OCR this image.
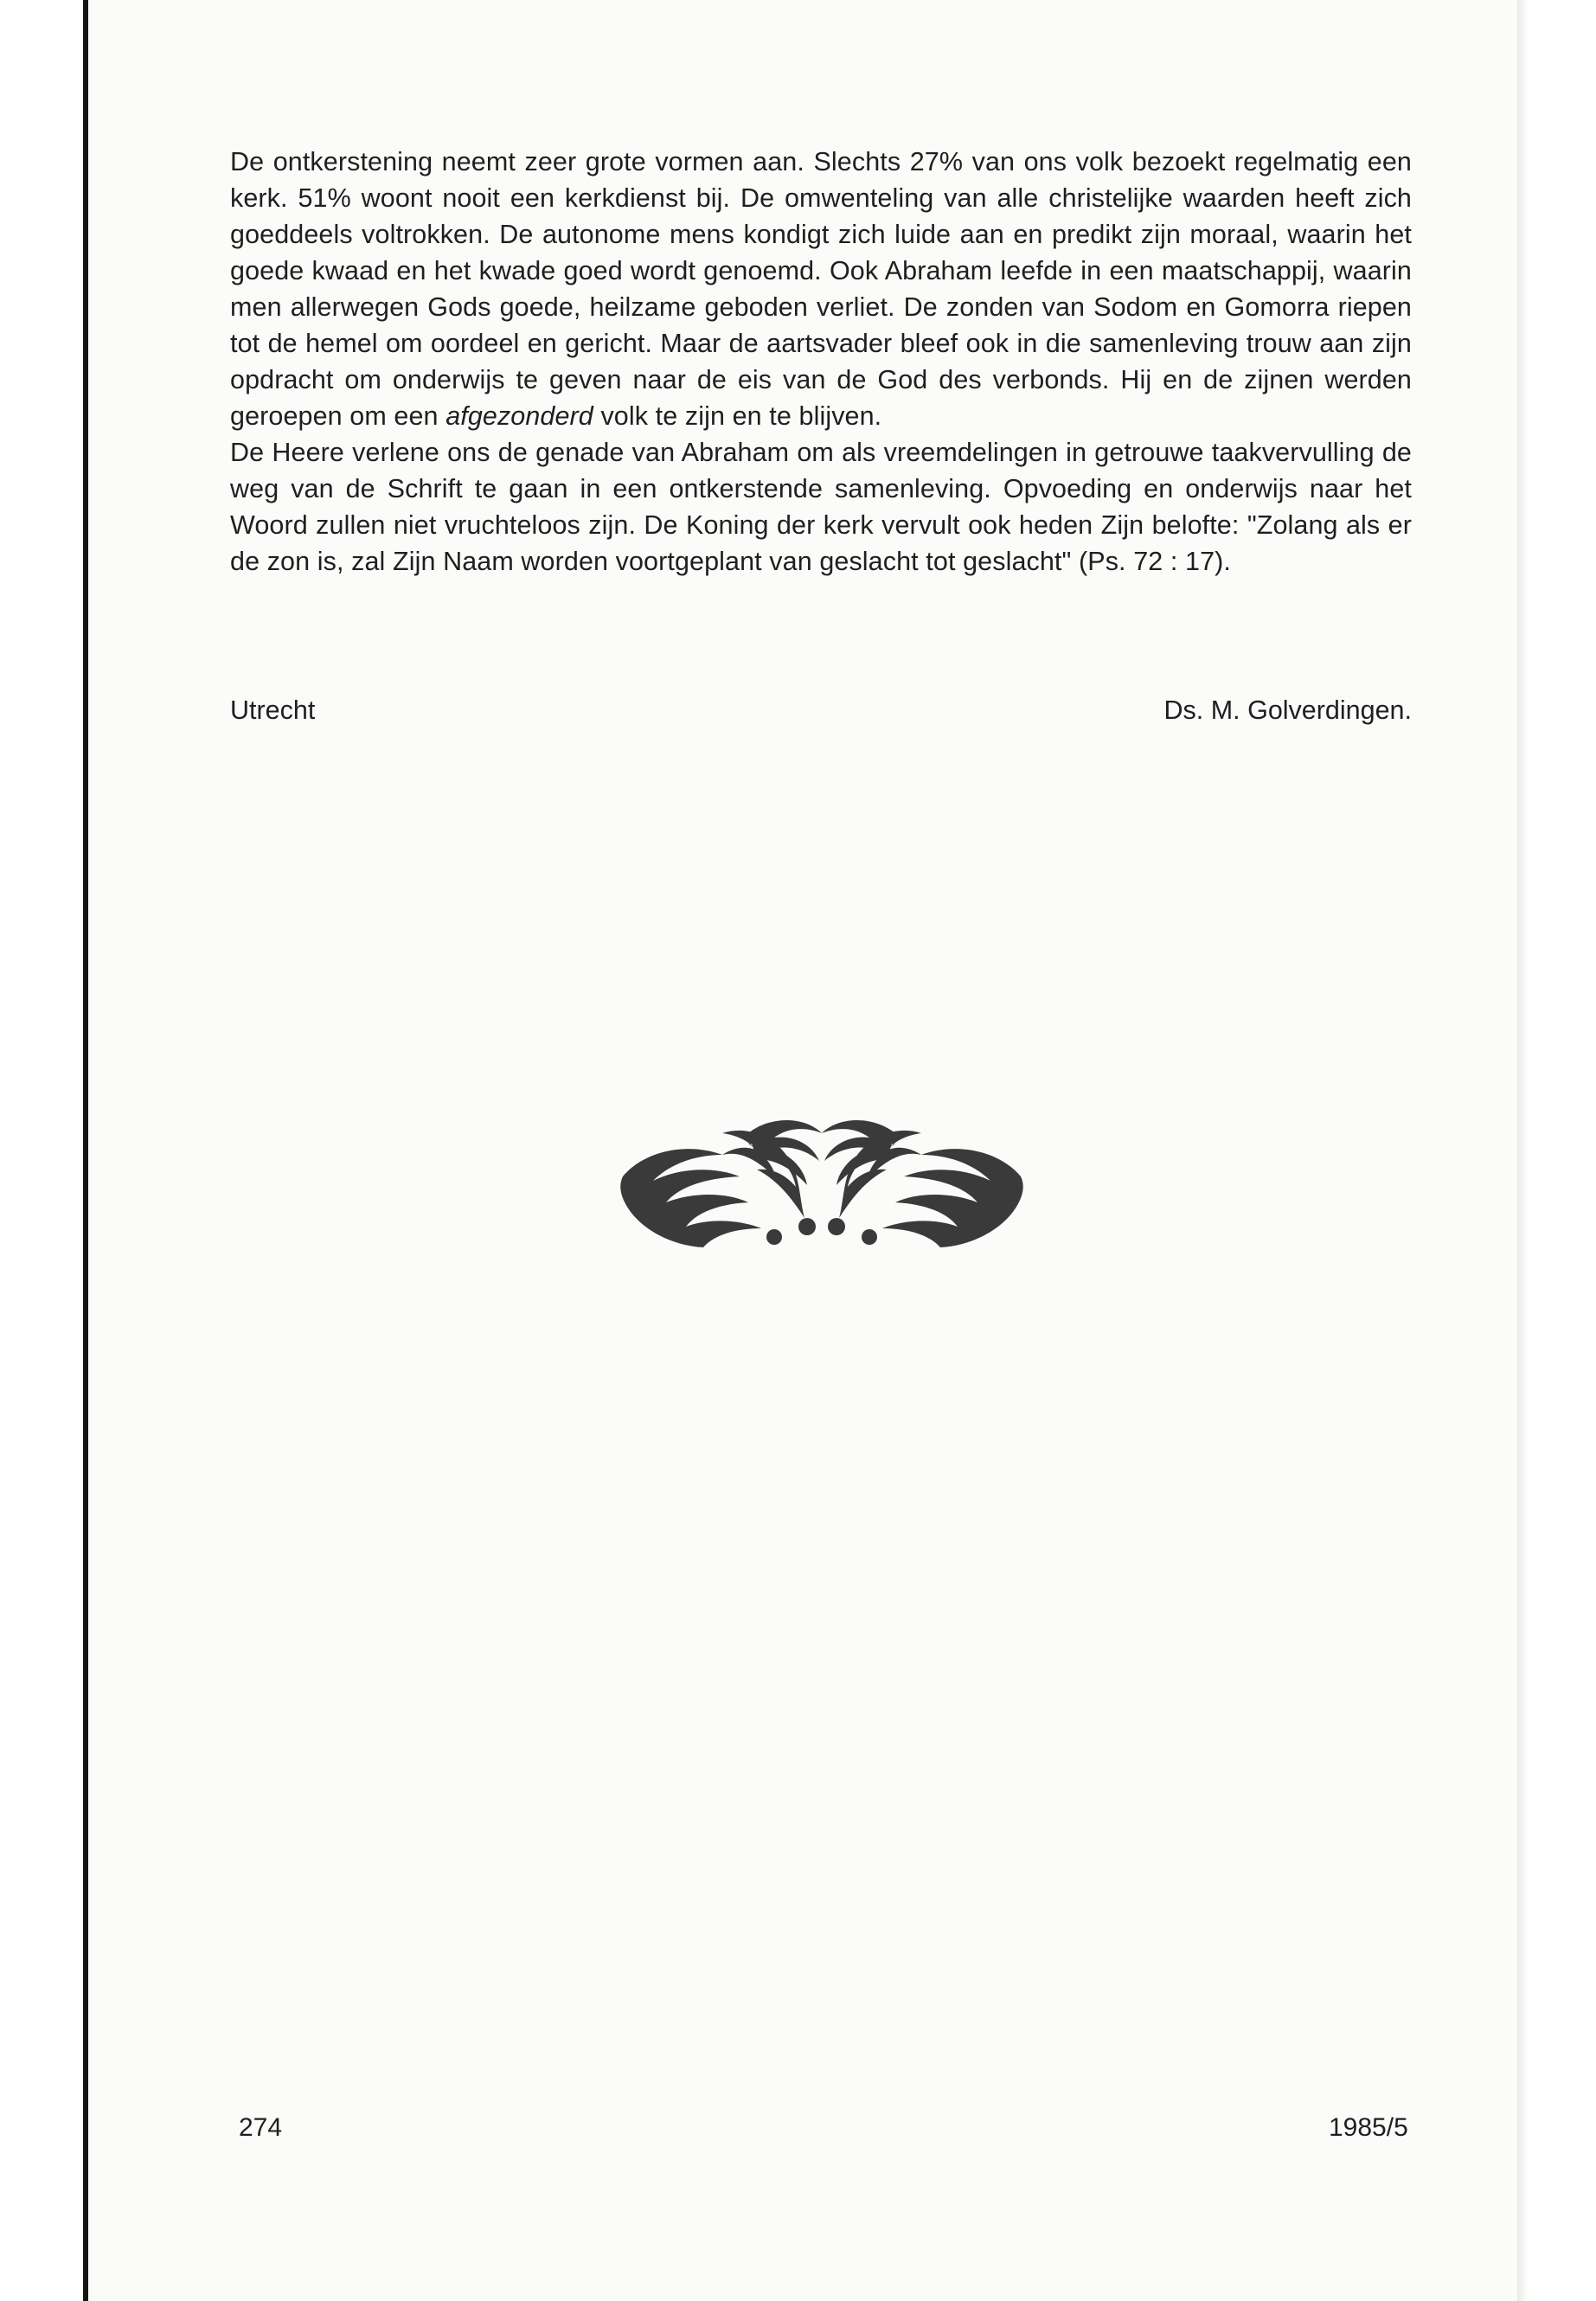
De ontkerstening neemt zeer grote vormen aan. Slechts 27% van ons volk bezoekt regelmatig een kerk. 51% woont nooit een kerkdienst bij. De omwenteling van alle christelijke waarden heeft zich goeddeels voltrokken. De autonome mens kondigt zich luide aan en predikt zijn moraal, waarin het goede kwaad en het kwade goed wordt genoemd. Ook Abraham leefde in een maatschappij, waarin men allerwegen Gods goede, heilzame geboden verliet. De zonden van Sodom en Gomorra riepen tot de hemel om oordeel en gericht. Maar de aartsvader bleef ook in die samenleving trouw aan zijn opdracht om onderwijs te geven naar de eis van de God des verbonds. Hij en de zijnen werden geroepen om een afgezonderd volk te zijn en te blijven.

De Heere verlene ons de genade van Abraham om als vreemdelingen in getrouwe taakvervulling de weg van de Schrift te gaan in een ontkerstende samenleving. Opvoeding en onderwijs naar het Woord zullen niet vruchteloos zijn. De Koning der kerk vervult ook heden Zijn belofte: "Zolang als er de zon is, zal Zijn Naam worden voortgeplant van geslacht tot geslacht" (Ps. 72 : 17).

Utrecht	Ds. M. Golverdingen.
274	1985/5
